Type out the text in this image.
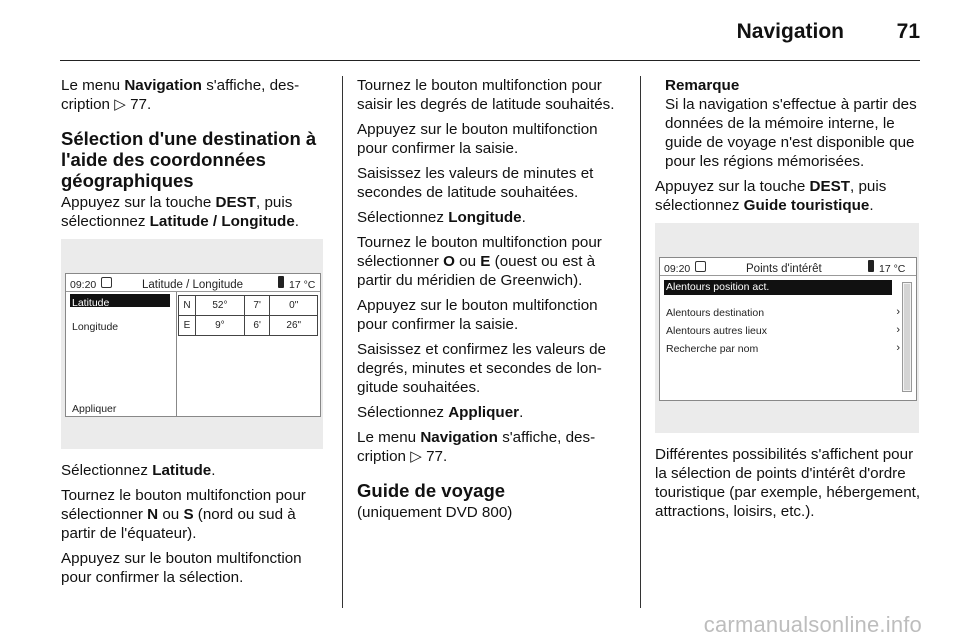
Navigation	71

Le menu Navigation s'affiche, description ▷ 77.

Sélection d'une destination à l'aide des coordonnées géographiques

Appuyez sur la touche DEST, puis sélectionnez Latitude / Longitude.

09:20	Latitude / Longitude	17 °C
Latitude
Longitude
Appliquer
N	52°	7'	0"
E	9°	6'	26"

Sélectionnez Latitude.

Tournez le bouton multifonction pour sélectionner N ou S (nord ou sud à partir de l'équateur).

Appuyez sur le bouton multifonction pour confirmer la sélection.

Tournez le bouton multifonction pour saisir les degrés de latitude souhaités.

Appuyez sur le bouton multifonction pour confirmer la saisie.

Saisissez les valeurs de minutes et secondes de latitude souhaitées.

Sélectionnez Longitude.

Tournez le bouton multifonction pour sélectionner O ou E (ouest ou est à partir du méridien de Greenwich).

Appuyez sur le bouton multifonction pour confirmer la saisie.

Saisissez et confirmez les valeurs de degrés, minutes et secondes de longitude souhaitées.

Sélectionnez Appliquer.

Le menu Navigation s'affiche, description ▷ 77.

Guide de voyage

(uniquement DVD 800)

Remarque
Si la navigation s'effectue à partir des données de la mémoire interne, le guide de voyage n'est disponible que pour les régions mémorisées.

Appuyez sur la touche DEST, puis sélectionnez Guide touristique.

09:20	Points d'intérêt	17 °C
Alentours position act.	›
Alentours destination	›
Alentours autres lieux	›
Recherche par nom	›

Différentes possibilités s'affichent pour la sélection de points d'intérêt d'ordre touristique (par exemple, hébergement, attractions, loisirs, etc.).

carmanualsonline.info
